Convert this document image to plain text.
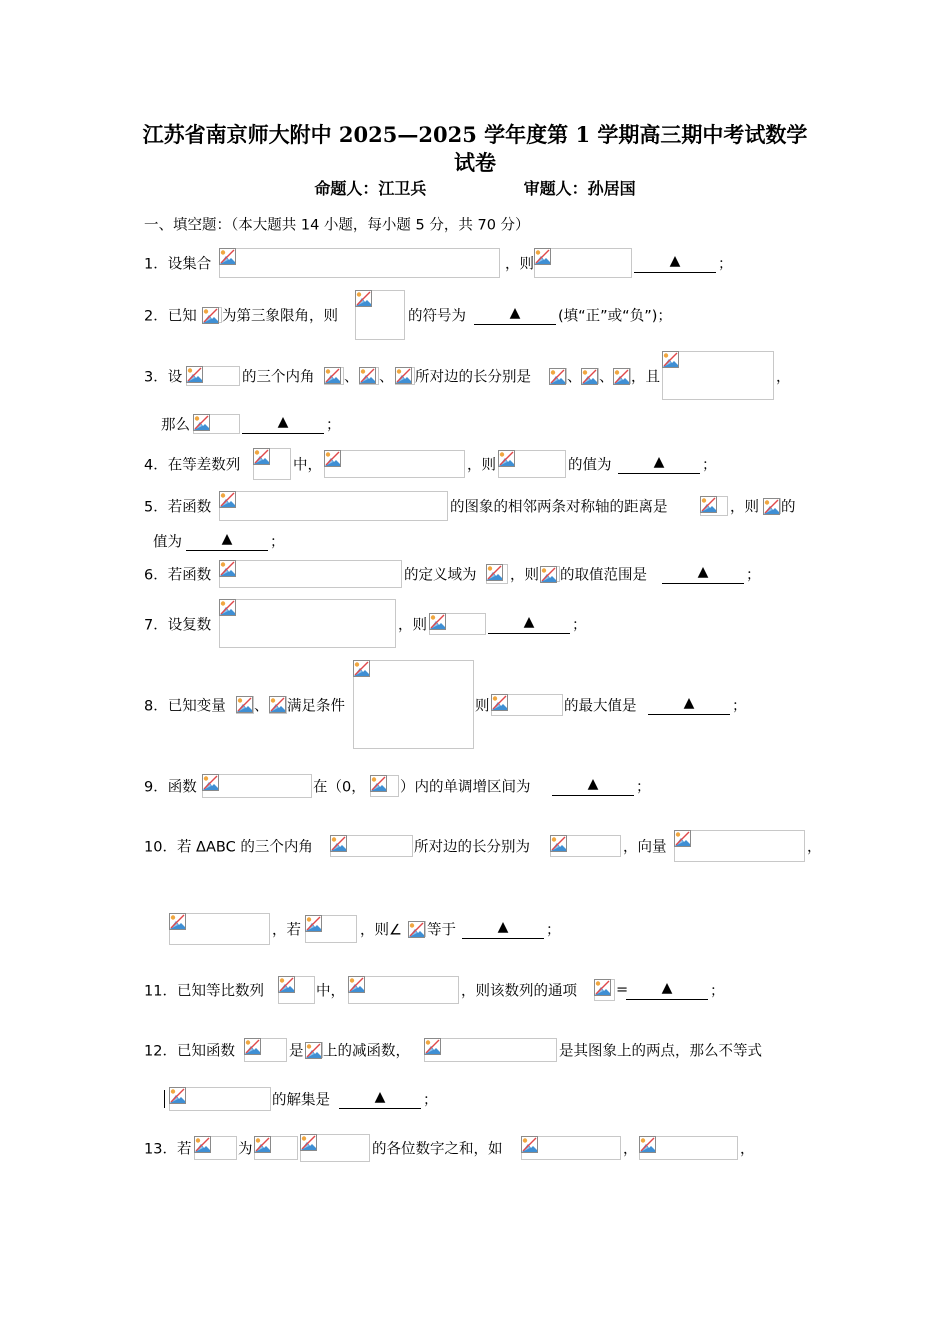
江苏省南京师大附中 2025—2025 学年度第 1 学期高三期中考试数学
试卷
命题人：江卫兵	审题人：孙居国
一、填空题：（本大题共 14 小题，每小题 5 分，共 70 分）
1．设集合	，则	▲	；
2．已知 为第三象限角，则	的符号为	▲	(填“正”或“负”)；
3．设	的三个内角 、 、 所对边的长分别是 、 、 ，且	，
那么	▲	；
4．在等差数列	中，	，则	的值为	▲	；
5．若函数	的图象的相邻两条对称轴的距离是	，则 的
值为	▲	；
6．若函数	的定义域为 ，则 的取值范围是	▲	；
7．设复数	，则	▲	；
8．已知变量 、 满足条件	则	的最大值是	▲	；
9．函数	在（0， ）内的单调增区间为	▲	；
10．若 ΔABC 的三个内角	所对边的长分别为	，向量	，
，若	，则∠ 等于	▲	；
11．已知等比数列	中，	，则该数列的通项	= ▲	；
12．已知函数	是 上的减函数，	是其图象上的两点，那么不等式
的解集是	▲	；
13．若	为	的各位数字之和，如	，	，
